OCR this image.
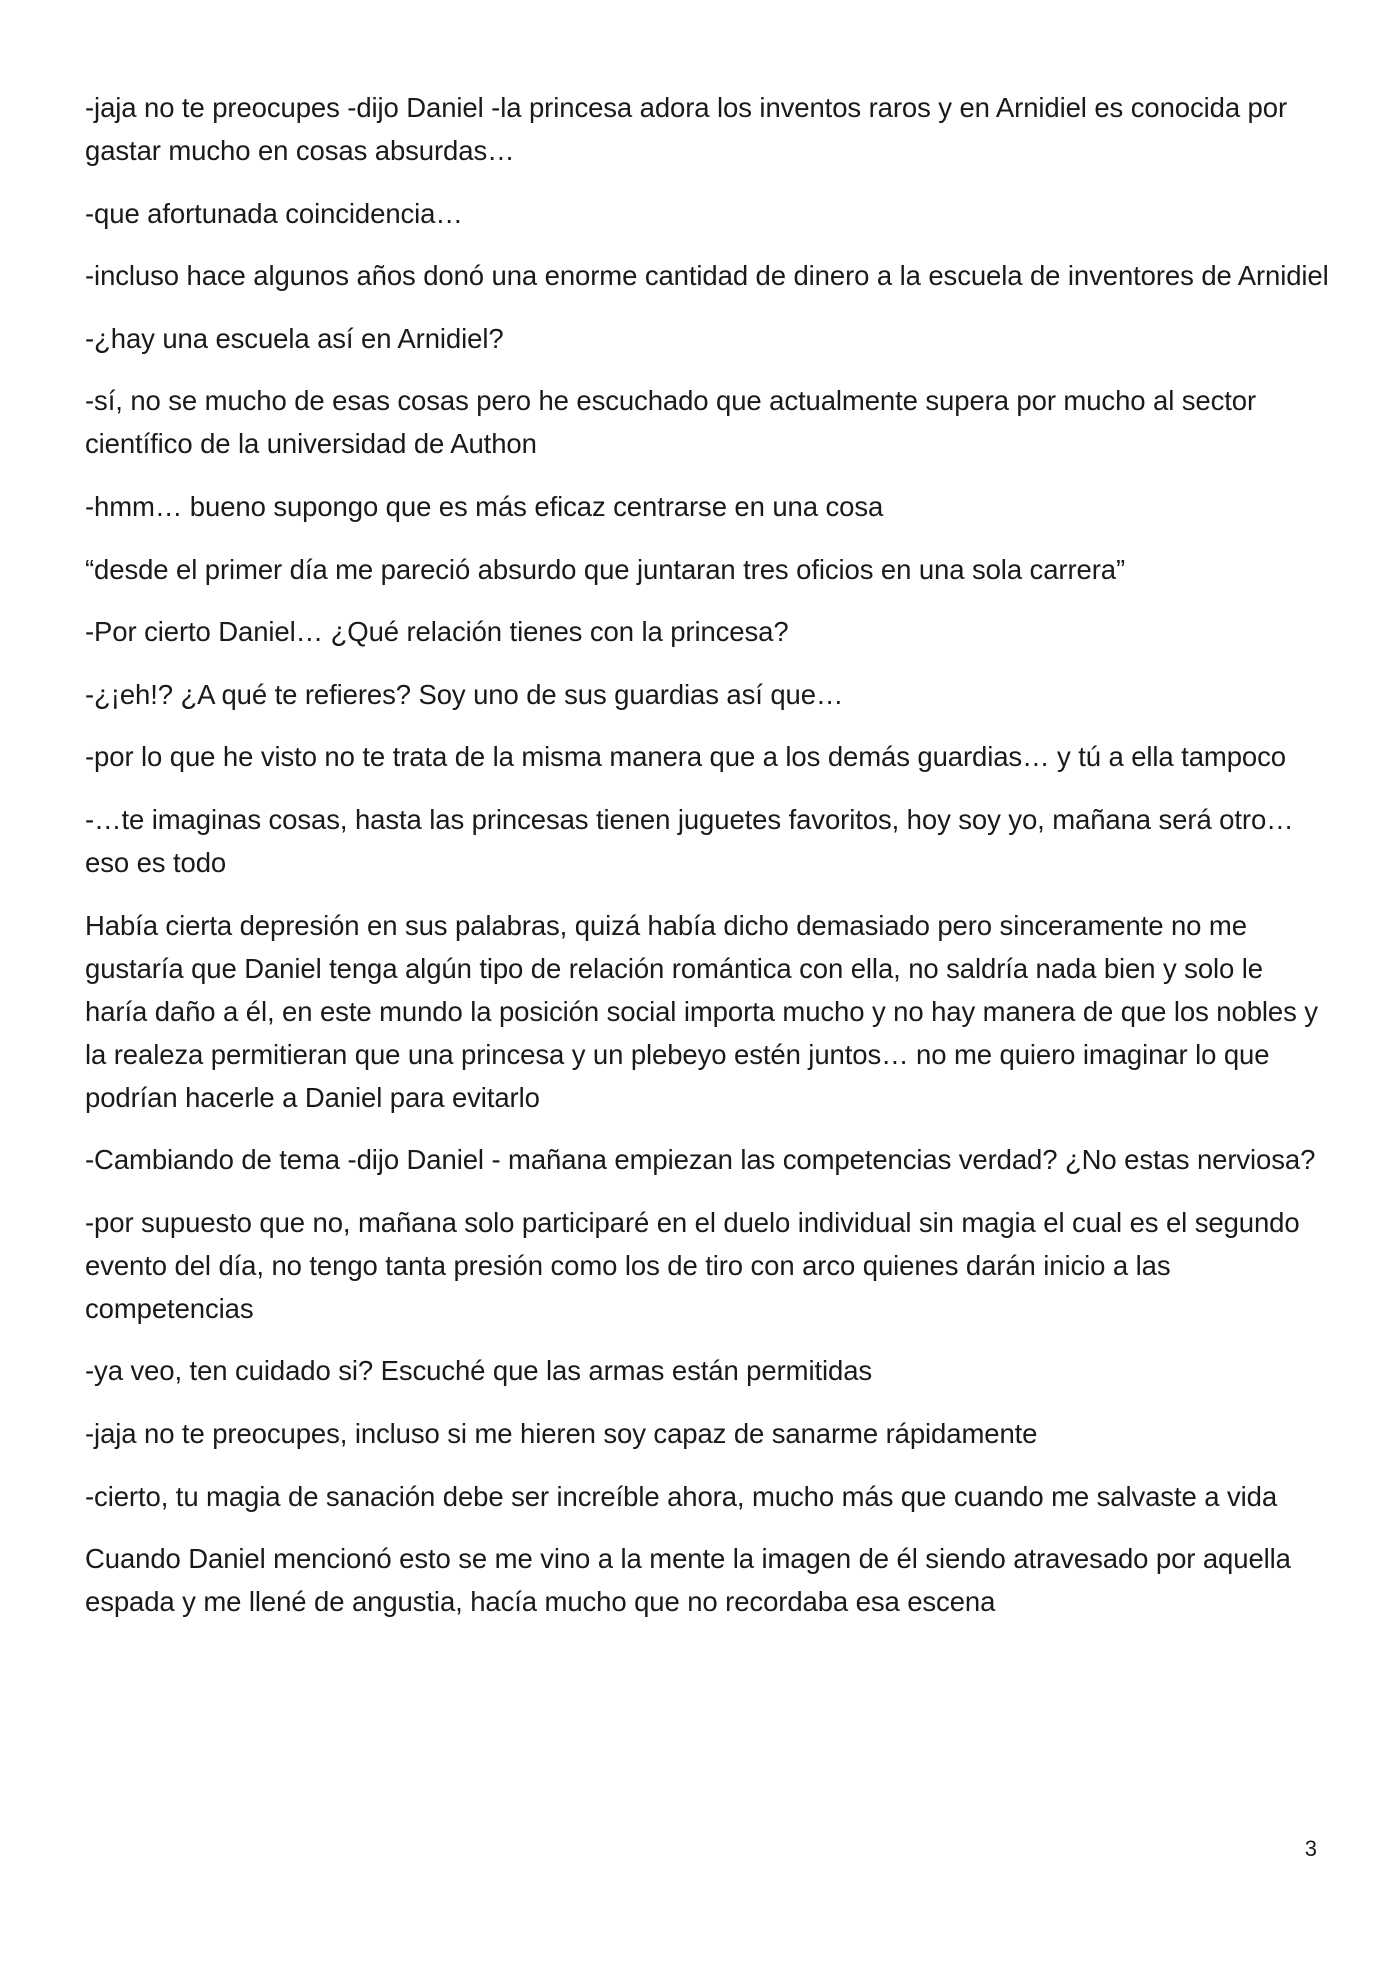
-jaja no te preocupes -dijo Daniel -la princesa adora los inventos raros y en Arnidiel es conocida por gastar mucho en cosas absurdas…

-que afortunada coincidencia…

-incluso hace algunos años donó una enorme cantidad de dinero a la escuela de inventores de Arnidiel

-¿hay una escuela así en Arnidiel?

-sí, no se mucho de esas cosas pero he escuchado que actualmente supera por mucho al sector científico de la universidad de Authon

-hmm… bueno supongo que es más eficaz centrarse en una cosa

“desde el primer día me pareció absurdo que juntaran tres oficios en una sola carrera”

-Por cierto Daniel… ¿Qué relación tienes con la princesa?

-¿¡eh!? ¿A qué te refieres? Soy uno de sus guardias así que…

-por lo que he visto no te trata de la misma manera que a los demás guardias… y tú a ella tampoco

-…te imaginas cosas, hasta las princesas tienen juguetes favoritos, hoy soy yo, mañana será otro… eso es todo

Había cierta depresión en sus palabras, quizá había dicho demasiado pero sinceramente no me gustaría que Daniel tenga algún tipo de relación romántica con ella, no saldría nada bien y solo le haría daño a él, en este mundo la posición social importa mucho y no hay manera de que los nobles y la realeza permitieran que una princesa y un plebeyo estén juntos… no me quiero imaginar lo que podrían hacerle a Daniel para evitarlo

-Cambiando de tema -dijo Daniel - mañana empiezan las competencias verdad? ¿No estas nerviosa?

-por supuesto que no, mañana solo participaré en el duelo individual sin magia el cual es el segundo evento del día, no tengo tanta presión como los de tiro con arco quienes darán inicio a las competencias

-ya veo, ten cuidado si? Escuché que las armas están permitidas

-jaja no te preocupes, incluso si me hieren soy capaz de sanarme rápidamente

-cierto, tu magia de sanación debe ser increíble ahora, mucho más que cuando me salvaste a vida

Cuando Daniel mencionó esto se me vino a la mente la imagen de él siendo atravesado por aquella espada y me llené de angustia, hacía mucho que no recordaba esa escena

3
